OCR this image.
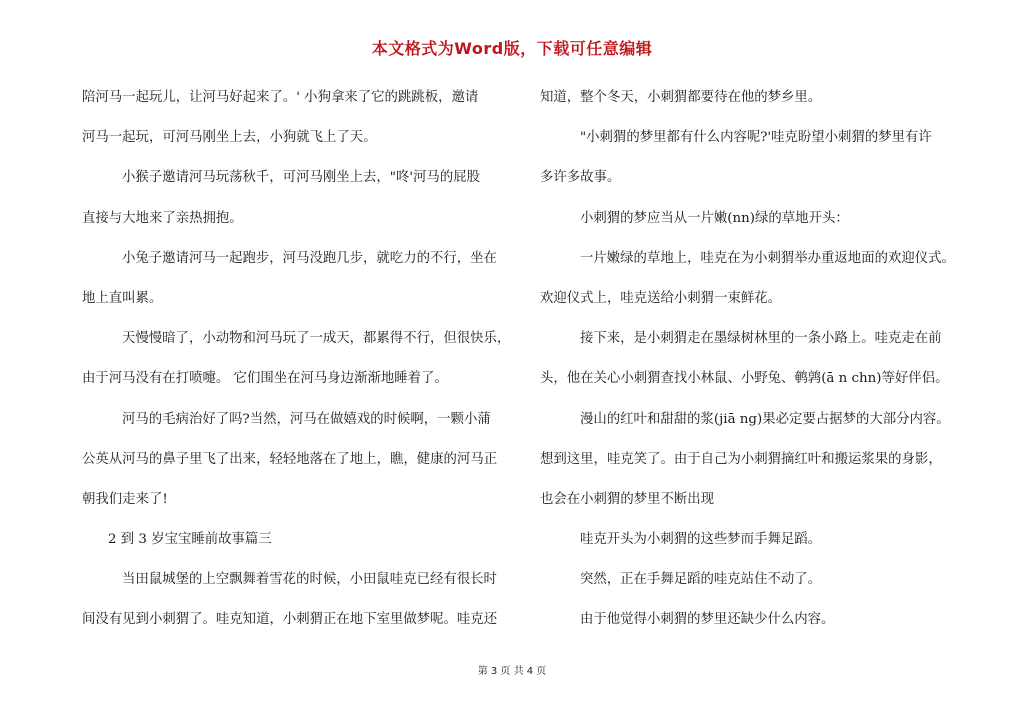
本文格式为Word版，下载可任意编辑
陪河马一起玩儿，让河马好起来了。' 小狗拿来了它的跳跳板，邀请
河马一起玩，可河马刚坐上去，小狗就飞上了天。
小猴子邀请河马玩荡秋千，可河马刚坐上去，"咚'河马的屁股
直接与大地来了亲热拥抱。
小兔子邀请河马一起跑步，河马没跑几步，就吃力的不行，坐在
地上直叫累。
天慢慢暗了，小动物和河马玩了一成天，都累得不行，但很快乐，
由于河马没有在打喷嚏。 它们围坐在河马身边渐渐地睡着了。
河马的毛病治好了吗?当然，河马在做嬉戏的时候啊，一颗小蒲
公英从河马的鼻子里飞了出来，轻轻地落在了地上，瞧，健康的河马正
朝我们走来了!
2 到 3 岁宝宝睡前故事篇三
当田鼠城堡的上空飘舞着雪花的时候，小田鼠哇克已经有很长时
间没有见到小刺猬了。哇克知道，小刺猬正在地下室里做梦呢。哇克还
知道，整个冬天，小刺猬都要待在他的梦乡里。
"小刺猬的梦里都有什么内容呢?'哇克盼望小刺猬的梦里有许
多许多故事。
小刺猬的梦应当从一片嫩(nn)绿的草地开头：
一片嫩绿的草地上，哇克在为小刺猬举办重返地面的欢迎仪式。
欢迎仪式上，哇克送给小刺猬一束鲜花。
接下来，是小刺猬走在墨绿树林里的一条小路上。哇克走在前
头，他在关心小刺猬查找小林鼠、小野兔、鹌鹑(ā n chn)等好伴侣。
漫山的红叶和甜甜的浆(jiā ng)果必定要占据梦的大部分内容。
想到这里，哇克笑了。由于自己为小刺猬摘红叶和搬运浆果的身影，
也会在小刺猬的梦里不断出现
哇克开头为小刺猬的这些梦而手舞足蹈。
突然，正在手舞足蹈的哇克站住不动了。
由于他觉得小刺猬的梦里还缺少什么内容。
第 3 页 共 4 页
